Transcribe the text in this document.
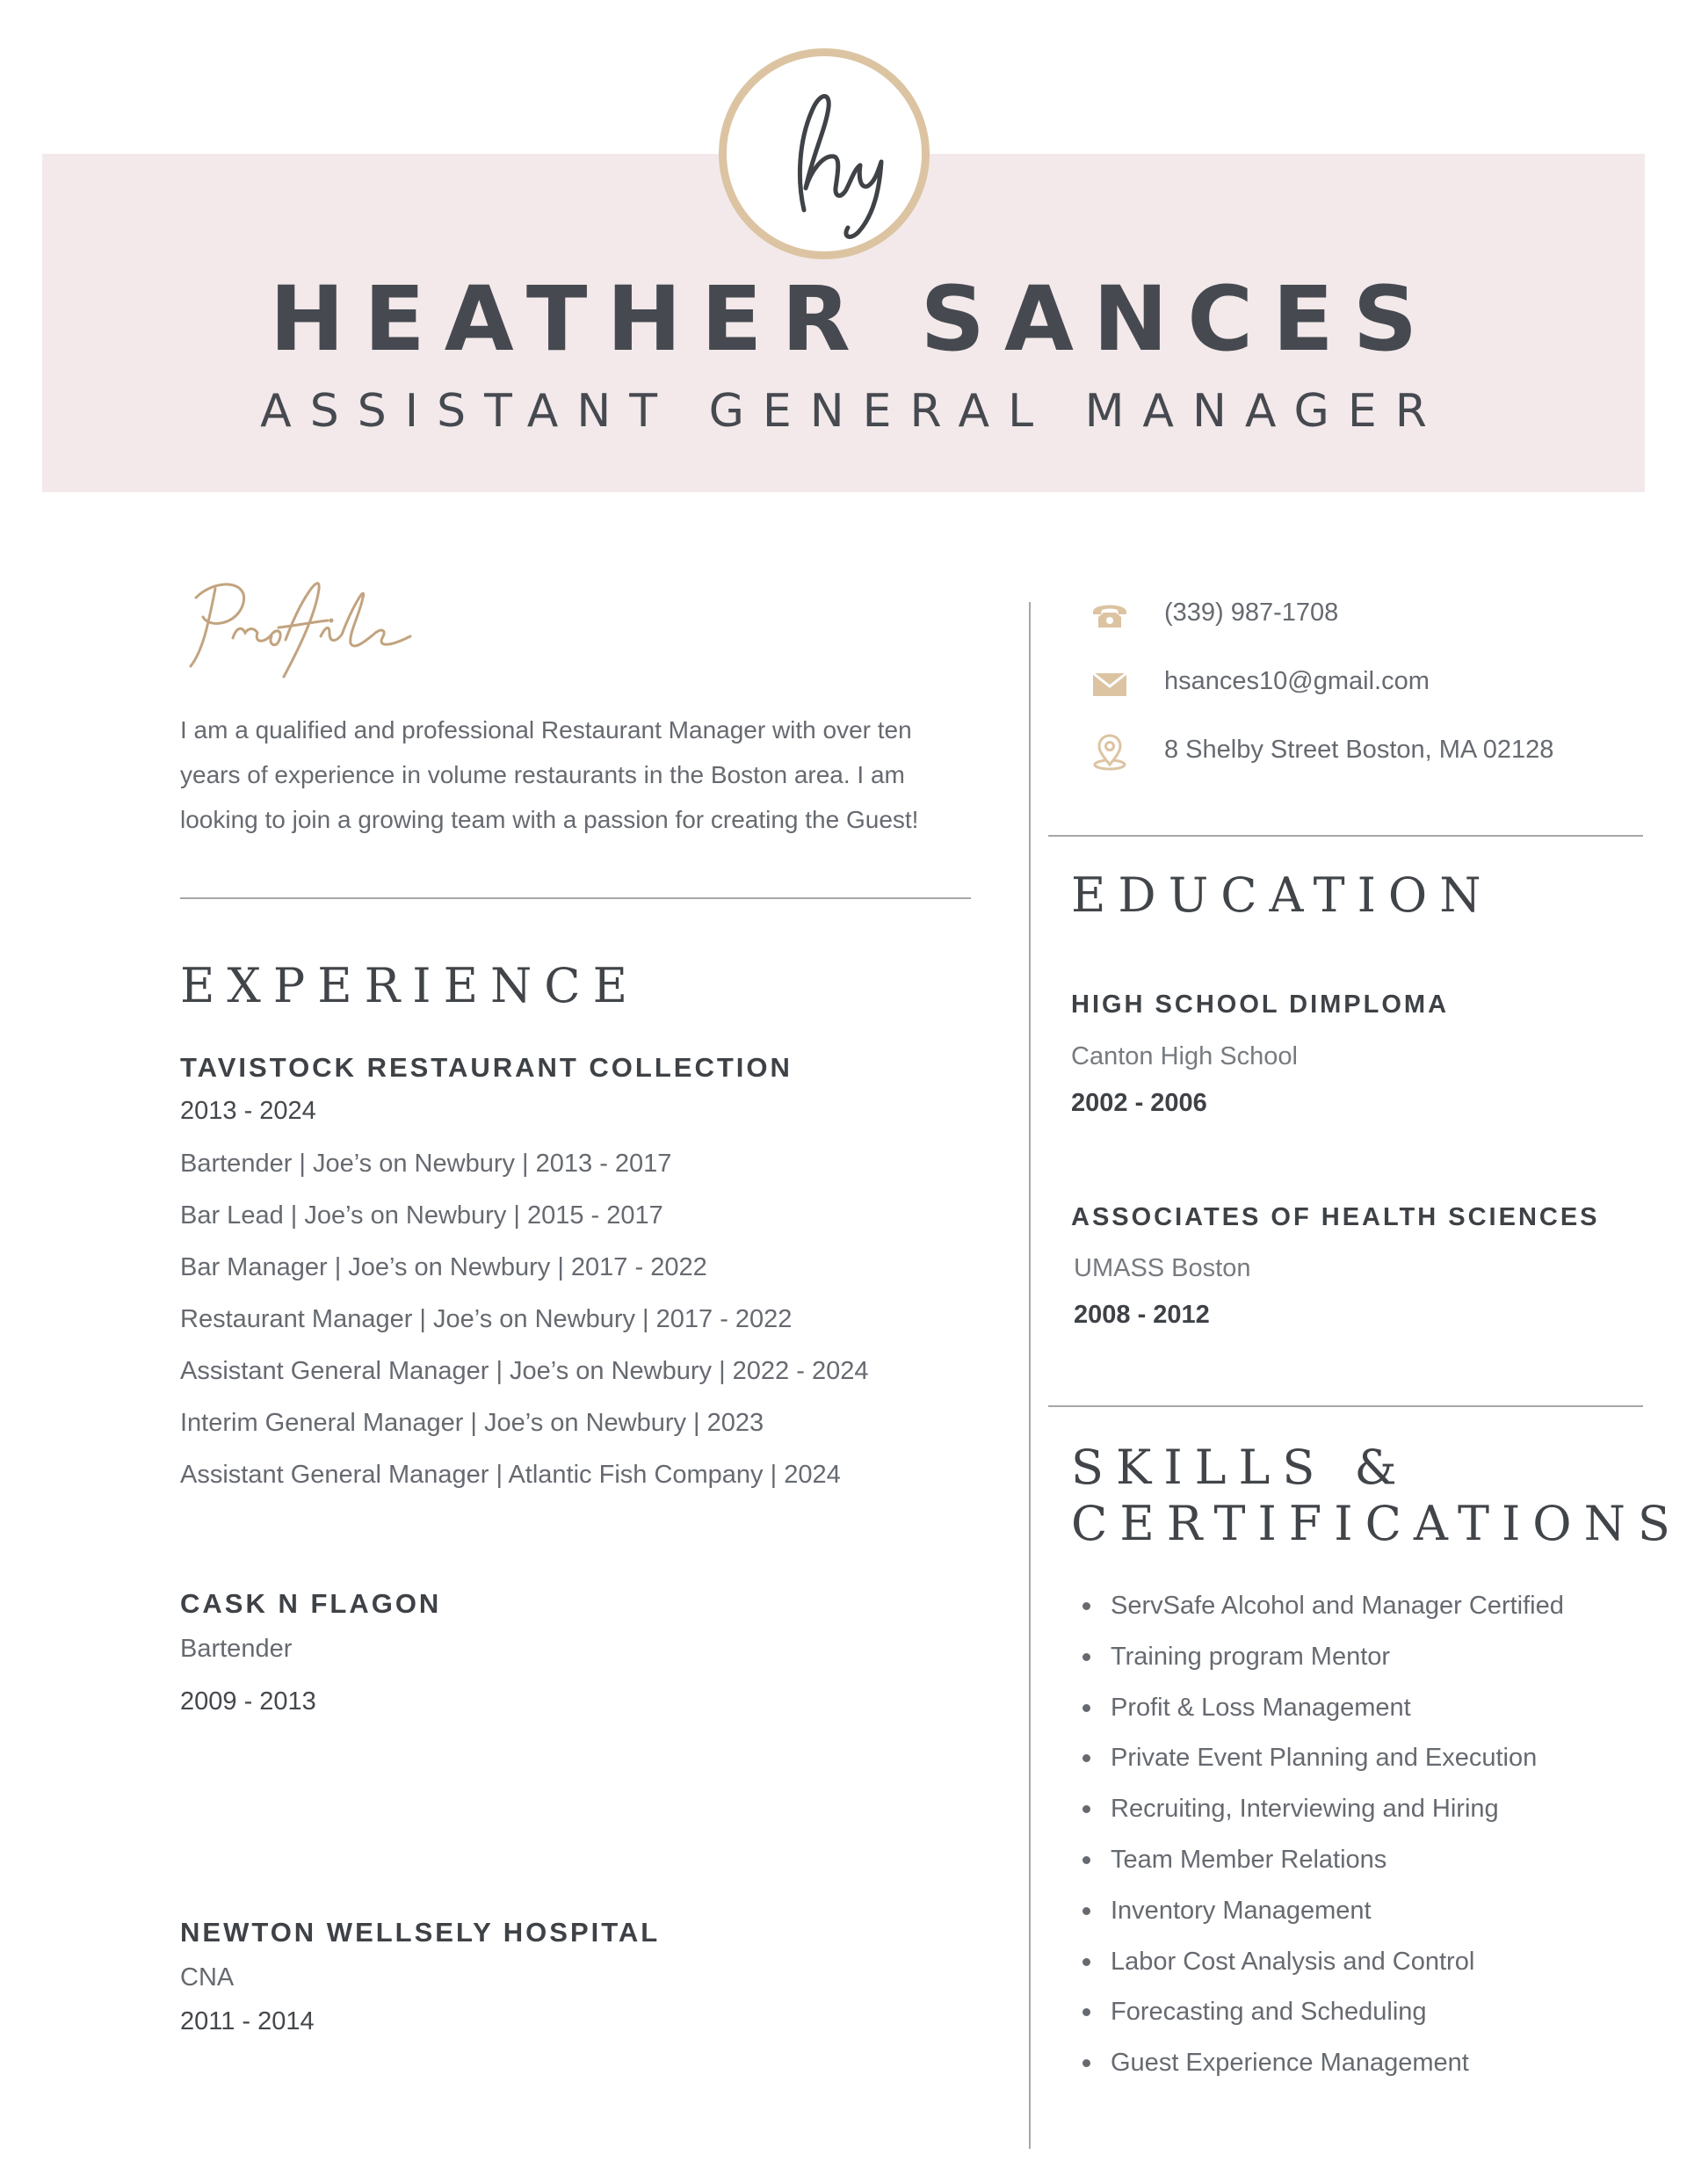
HEATHER SANCES
ASSISTANT GENERAL MANAGER
I am a qualified and professional Restaurant Manager with over ten
years of experience in volume restaurants in the Boston area. I am
looking to join a growing team with a passion for creating the Guest!
EXPERIENCE
TAVISTOCK RESTAURANT COLLECTION
2013 - 2024
Bartender | Joe’s on Newbury | 2013 - 2017
Bar Lead | Joe’s on Newbury | 2015 - 2017
Bar Manager | Joe’s on Newbury | 2017 - 2022
Restaurant Manager | Joe’s on Newbury | 2017 - 2022
Assistant General Manager | Joe’s on Newbury | 2022 - 2024
Interim General Manager | Joe’s on Newbury | 2023
Assistant General Manager | Atlantic Fish Company | 2024
CASK N FLAGON
Bartender
2009 - 2013
NEWTON WELLSELY HOSPITAL
CNA
2011 - 2014
(339) 987-1708
hsances10@gmail.com
8 Shelby Street Boston, MA 02128
EDUCATION
HIGH SCHOOL DIMPLOMA
Canton High School
2002 - 2006
ASSOCIATES OF HEALTH SCIENCES
UMASS Boston
2008 - 2012
SKILLS &
CERTIFICATIONS
ServSafe Alcohol and Manager Certified
Training program Mentor
Profit & Loss Management
Private Event Planning and Execution
Recruiting, Interviewing and Hiring
Team Member Relations
Inventory Management
Labor Cost Analysis and Control
Forecasting and Scheduling
Guest Experience Management
